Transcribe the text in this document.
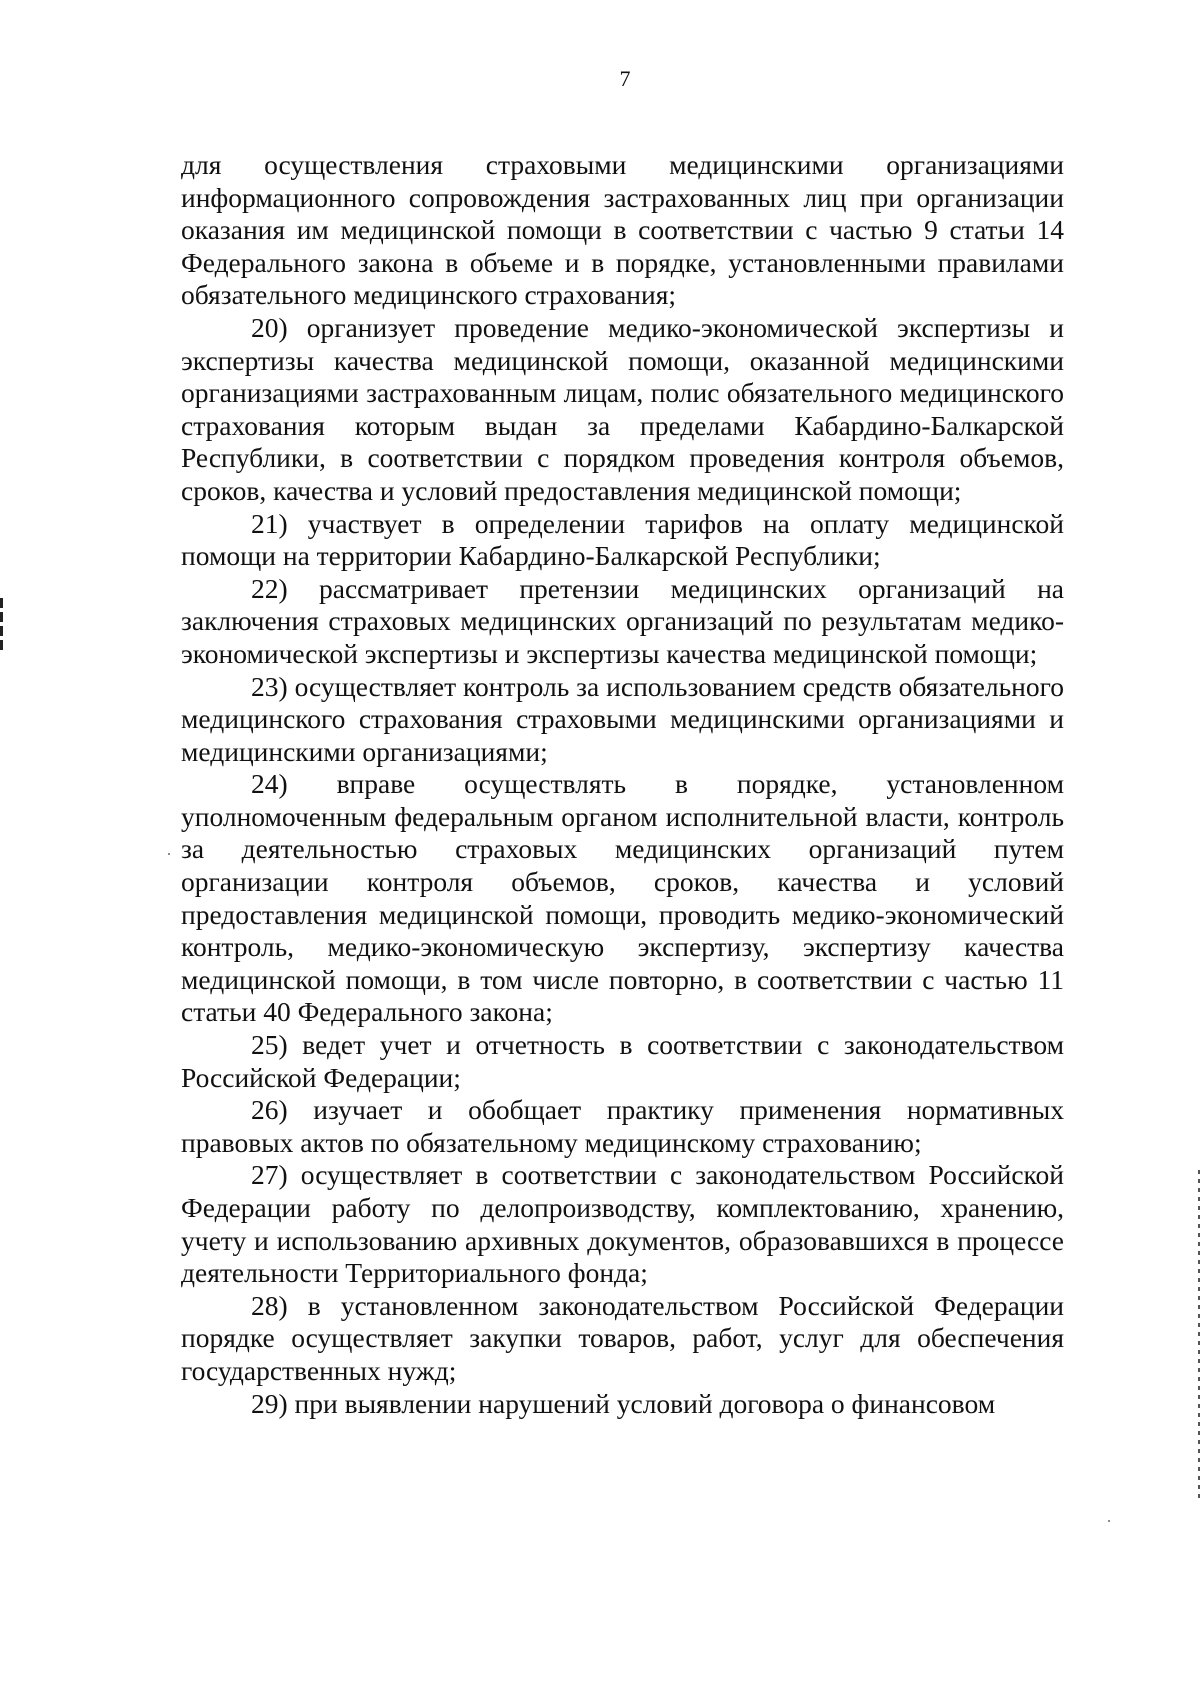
7

для осуществления страховыми медицинскими организациями информационного сопровождения застрахованных лиц при организации оказания им медицинской помощи в соответствии с частью 9 статьи 14 Федерального закона в объеме и в порядке, установленными правилами обязательного медицинского страхования;

20) организует проведение медико-экономической экспертизы и экспертизы качества медицинской помощи, оказанной медицинскими организациями застрахованным лицам, полис обязательного медицинского страхования которым выдан за пределами Кабардино-Балкарской Республики, в соответствии с порядком проведения контроля объемов, сроков, качества и условий предоставления медицинской помощи;

21) участвует в определении тарифов на оплату медицинской помощи на территории Кабардино-Балкарской Республики;

22) рассматривает претензии медицинских организаций на заключения страховых медицинских организаций по результатам медико-экономической экспертизы и экспертизы качества медицинской помощи;

23) осуществляет контроль за использованием средств обязательного медицинского страхования страховыми медицинскими организациями и медицинскими организациями;

24) вправе осуществлять в порядке, установленном уполномоченным федеральным органом исполнительной власти, контроль за деятельностью страховых медицинских организаций путем организации контроля объемов, сроков, качества и условий предоставления медицинской помощи, проводить медико-экономический контроль, медико-экономическую экспертизу, экспертизу качества медицинской помощи, в том числе повторно, в соответствии с частью 11 статьи 40 Федерального закона;

25) ведет учет и отчетность в соответствии с законодательством Российской Федерации;

26) изучает и обобщает практику применения нормативных правовых актов по обязательному медицинскому страхованию;

27) осуществляет в соответствии с законодательством Российской Федерации работу по делопроизводству, комплектованию, хранению, учету и использованию архивных документов, образовавшихся в процессе деятельности Территориального фонда;

28) в установленном законодательством Российской Федерации порядке осуществляет закупки товаров, работ, услуг для обеспечения государственных нужд;

29) при выявлении нарушений условий договора о финансовом
